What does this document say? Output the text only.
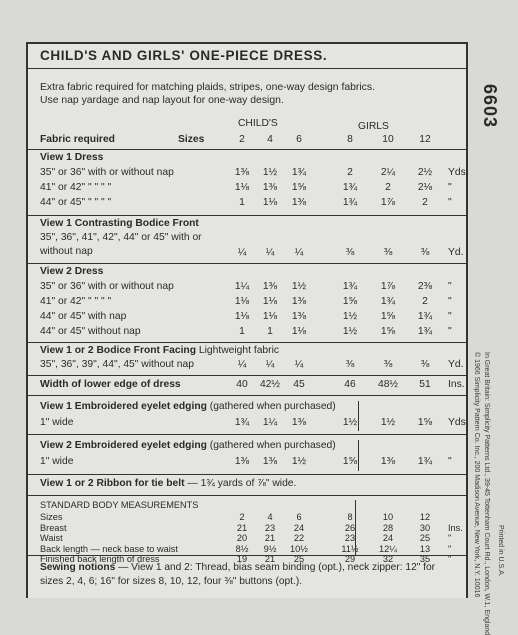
CHILD'S AND GIRLS' ONE-PIECE DRESS.
Extra fabric required for matching plaids, stripes, one-way design fabrics.
Use nap yardage and nap layout for one-way design.
CHILD'S	GIRLS
Fabric required	Sizes	2	4	6	8	10	12
View 1 Dress
35" or 36" with or without nap	1⅜	1½	1¾	2	2¼	2½	Yds.
41" or 42" " " " "	1⅛	1⅜	1⅝	1¾	2	2⅛	"
44" or 45" " " " "	1	1⅛	1⅜	1¾	1⅞	2	"
View 1 Contrasting Bodice Front
35", 36", 41", 42", 44" or 45" with or
without nap	¼	¼	¼	⅜	⅜	⅜	Yd.
View 2 Dress
35" or 36" with or without nap	1¼	1⅜	1½	1¾	1⅞	2⅜	"
41" or 42" " " " "	1⅛	1⅛	1⅜	1⅝	1¾	2	"
44" or 45" with nap	1⅛	1⅛	1⅜	1½	1⅝	1¾	"
44" or 45" without nap	1	1	1⅛	1½	1⅝	1¾	"
View 1 or 2 Bodice Front Facing Lightweight fabric
35", 36", 39", 44", 45" without nap	¼	¼	¼	⅜	⅜	⅜	Yd.
Width of lower edge of dress	40	42½	45	46	48½	51	Ins.
View 1 Embroidered eyelet edging (gathered when purchased)
1" wide	1¾	1¼	1⅜	1½	1½	1⅝	Yds.
View 2 Embroidered eyelet edging (gathered when purchased)
1" wide	1⅜	1⅜	1½	1⅝	1⅜	1¾	"
View 1 or 2 Ribbon for tie belt — 1¾ yards of ⅞" wide.
STANDARD BODY MEASUREMENTS
Sizes	2	4	6	8	10	12
Breast	21	23	24	26	28	30	Ins.
Waist	20	21	22	23	24	25	"
Back length — neck base to waist	8½	9½	10½	11½	12¼	13	"
Finished back length of dress	19	21	25	29	32	35	"
Sewing notions — View 1 and 2: Thread, bias seam binding (opt.), neck zipper: 12" for
sizes 2, 4, 6; 16" for sizes 8, 10, 12, four ⅜" buttons (opt.).
6603
© 1966 Simplicity Pattern Co. Inc., 200 Madison Avenue, New York, N.Y. 10016 In Great Britain: Simplicity Patterns Ltd., 39-45 Tottenham Court Rd., London, W.1, England Printed in U.S.A.
